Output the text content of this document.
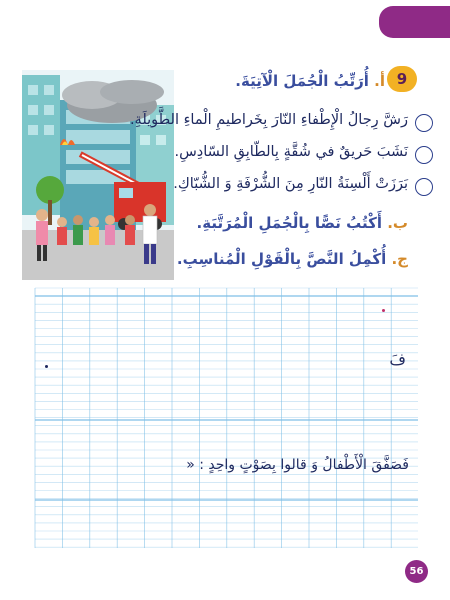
9
أ. أُرَتِّبُ الْجُمَلَ الْآتِيَةَ.
رَشَّ رِجالُ الْإِطْفاءِ النّارَ بِخَراطيمِ الْماءِ الطَّويلَةِ.
نَشَبَ حَريقٌ في شُقَّةٍ بِالطّابِقِ السّادِسِ.
بَرَزَتْ أَلْسِنَةُ النّارِ مِنَ الشُّرْفَةِ وَ الشُّبّاكِ.
ب. أَكْتُبُ نَصًّا بِالْجُمَلِ الْمُرَتَّبَةِ.
ج. أُكْمِلُ النَّصَّ بِالْقَوْلِ الْمُناسِبِ.
فَ
فَصَفَّقَ الْأَطْفالُ وَ قالوا بِصَوْتٍ واحِدٍ : «
56
